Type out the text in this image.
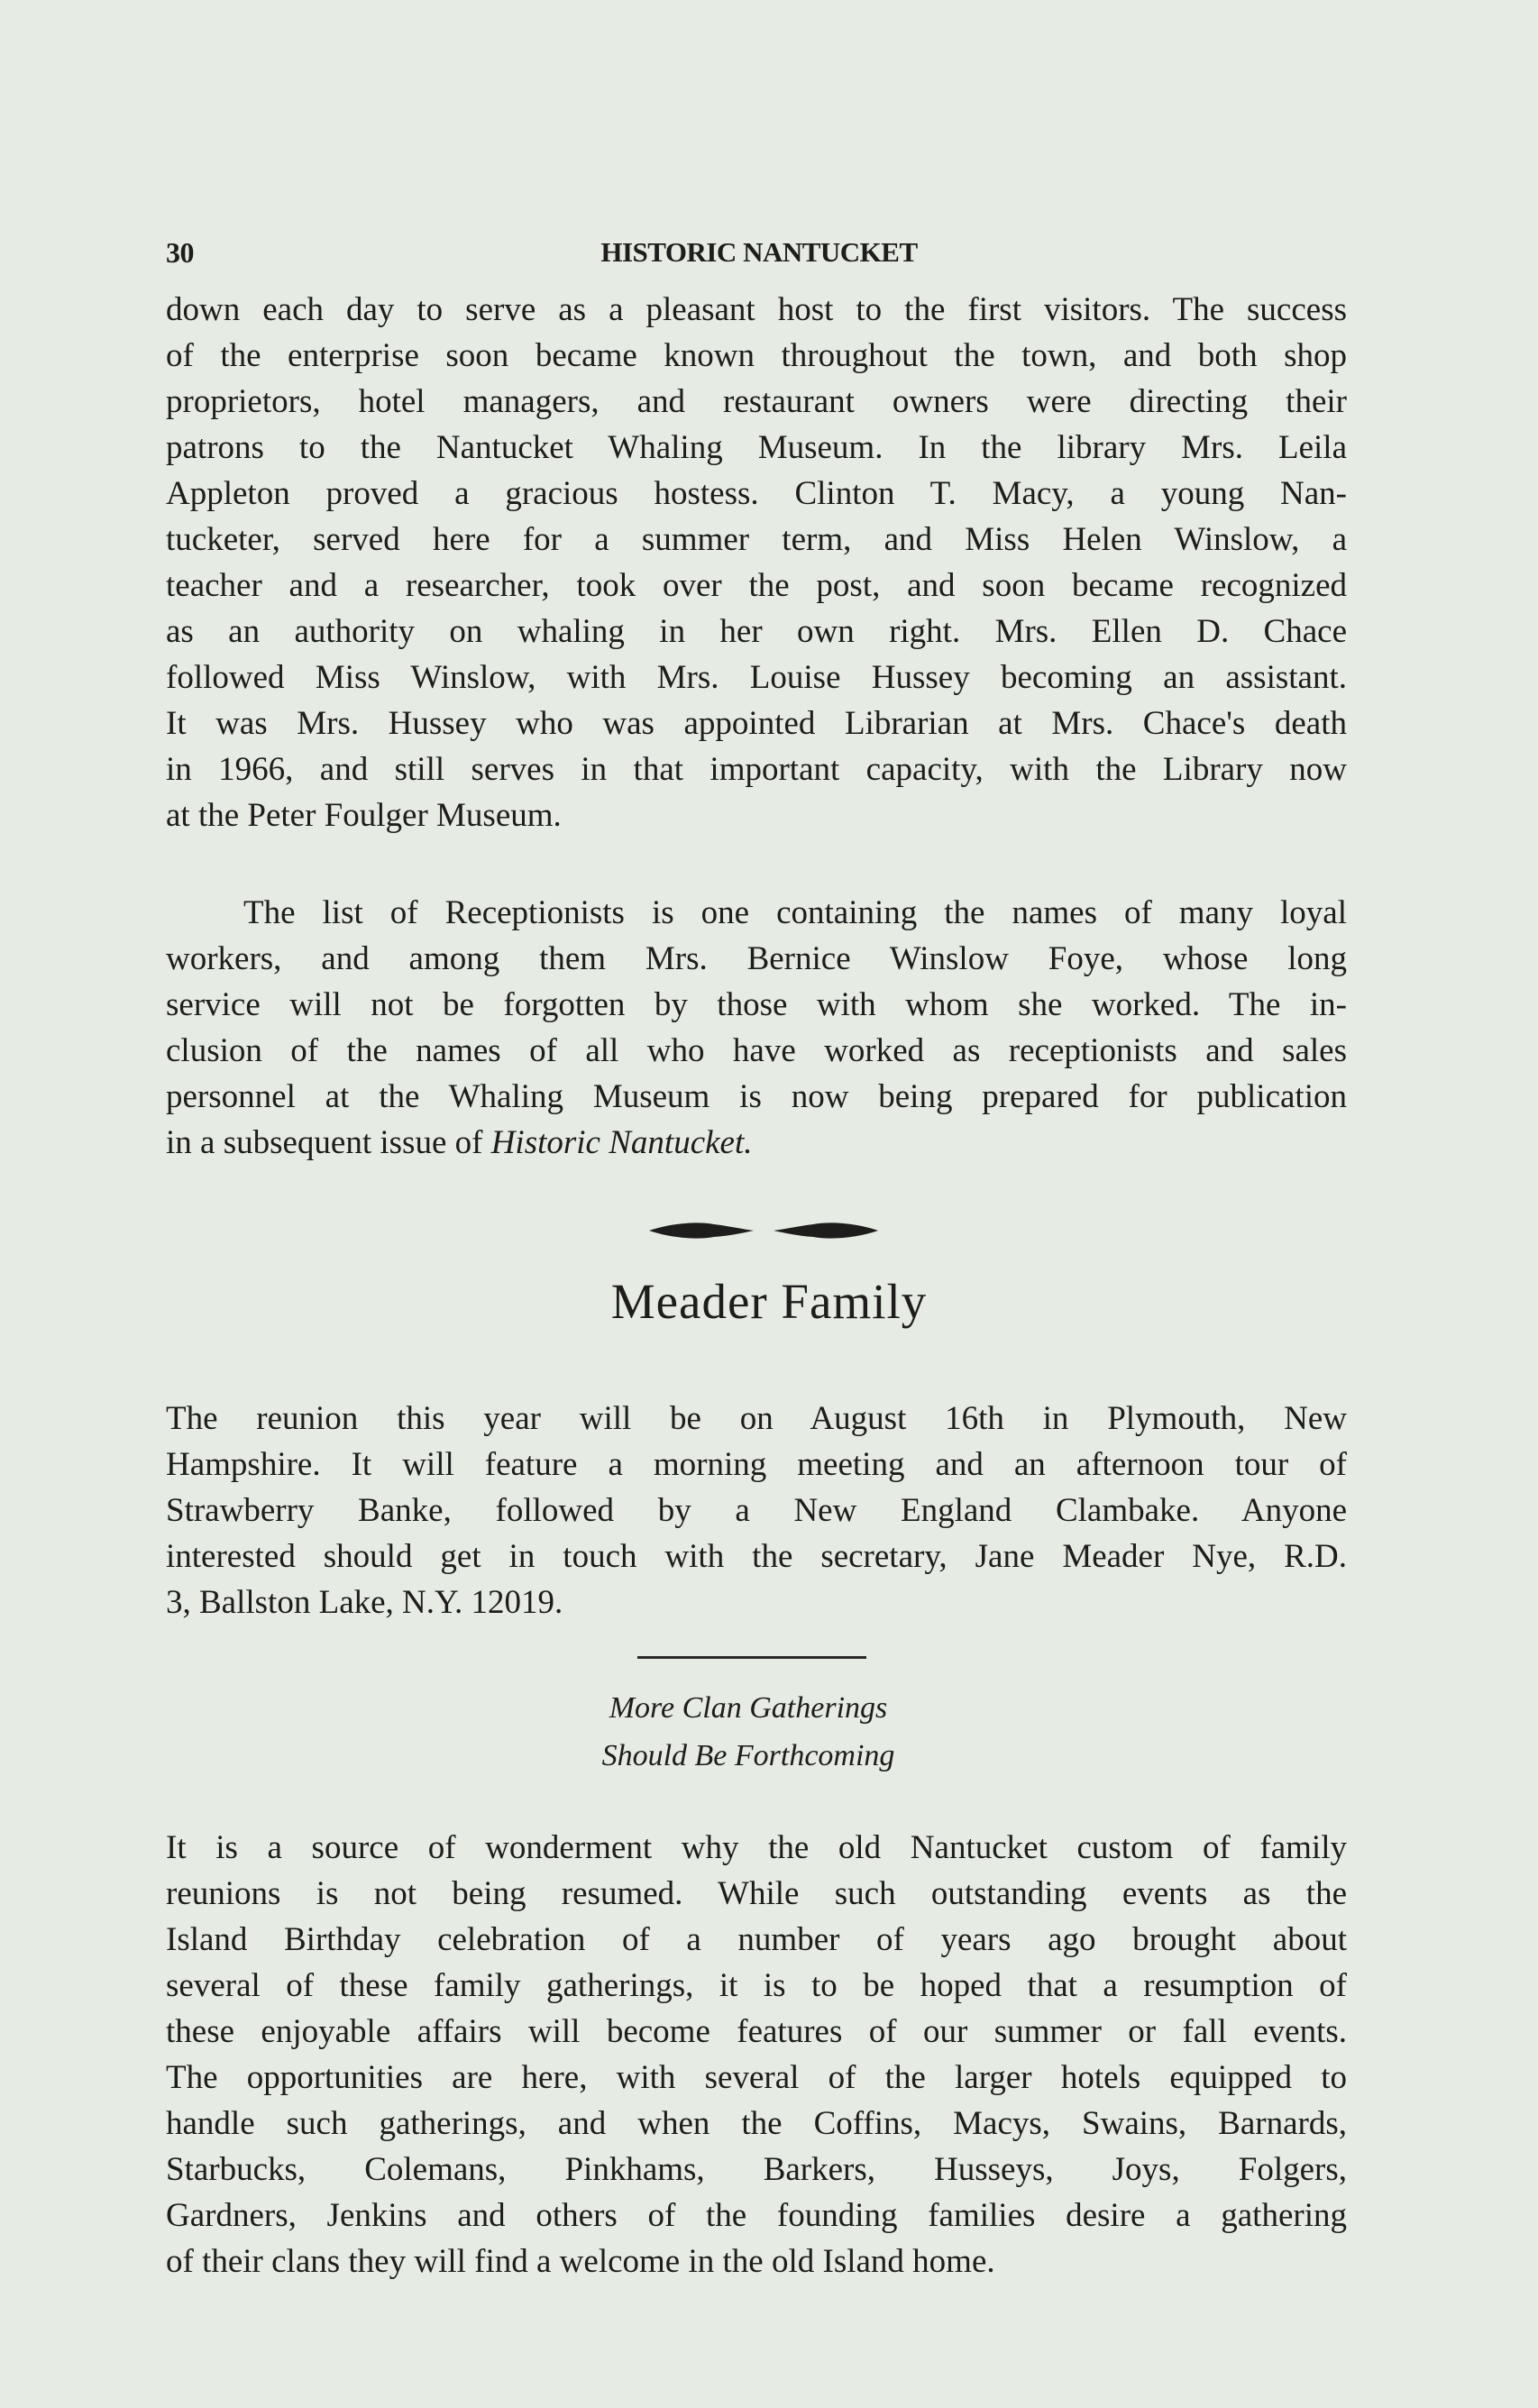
30	HISTORIC NANTUCKET
down each day to serve as a pleasant host to the first visitors. The success
of the enterprise soon became known throughout the town, and both shop
proprietors, hotel managers, and restaurant owners were directing their
patrons to the Nantucket Whaling Museum. In the library Mrs. Leila
Appleton proved a gracious hostess. Clinton T. Macy, a young Nan-
tucketer, served here for a summer term, and Miss Helen Winslow, a
teacher and a researcher, took over the post, and soon became recognized
as an authority on whaling in her own right. Mrs. Ellen D. Chace
followed Miss Winslow, with Mrs. Louise Hussey becoming an assistant.
It was Mrs. Hussey who was appointed Librarian at Mrs. Chace's death
in 1966, and still serves in that important capacity, with the Library now
at the Peter Foulger Museum.
The list of Receptionists is one containing the names of many loyal
workers, and among them Mrs. Bernice Winslow Foye, whose long
service will not be forgotten by those with whom she worked. The in-
clusion of the names of all who have worked as receptionists and sales
personnel at the Whaling Museum is now being prepared for publication
in a subsequent issue of Historic Nantucket.
Meader Family
The reunion this year will be on August 16th in Plymouth, New
Hampshire. It will feature a morning meeting and an afternoon tour of
Strawberry Banke, followed by a New England Clambake. Anyone
interested should get in touch with the secretary, Jane Meader Nye, R.D.
3, Ballston Lake, N.Y. 12019.
More Clan Gatherings
Should Be Forthcoming
It is a source of wonderment why the old Nantucket custom of family
reunions is not being resumed. While such outstanding events as the
Island Birthday celebration of a number of years ago brought about
several of these family gatherings, it is to be hoped that a resumption of
these enjoyable affairs will become features of our summer or fall events.
The opportunities are here, with several of the larger hotels equipped to
handle such gatherings, and when the Coffins, Macys, Swains, Barnards,
Starbucks, Colemans, Pinkhams, Barkers, Husseys, Joys, Folgers,
Gardners, Jenkins and others of the founding families desire a gathering
of their clans they will find a welcome in the old Island home.
